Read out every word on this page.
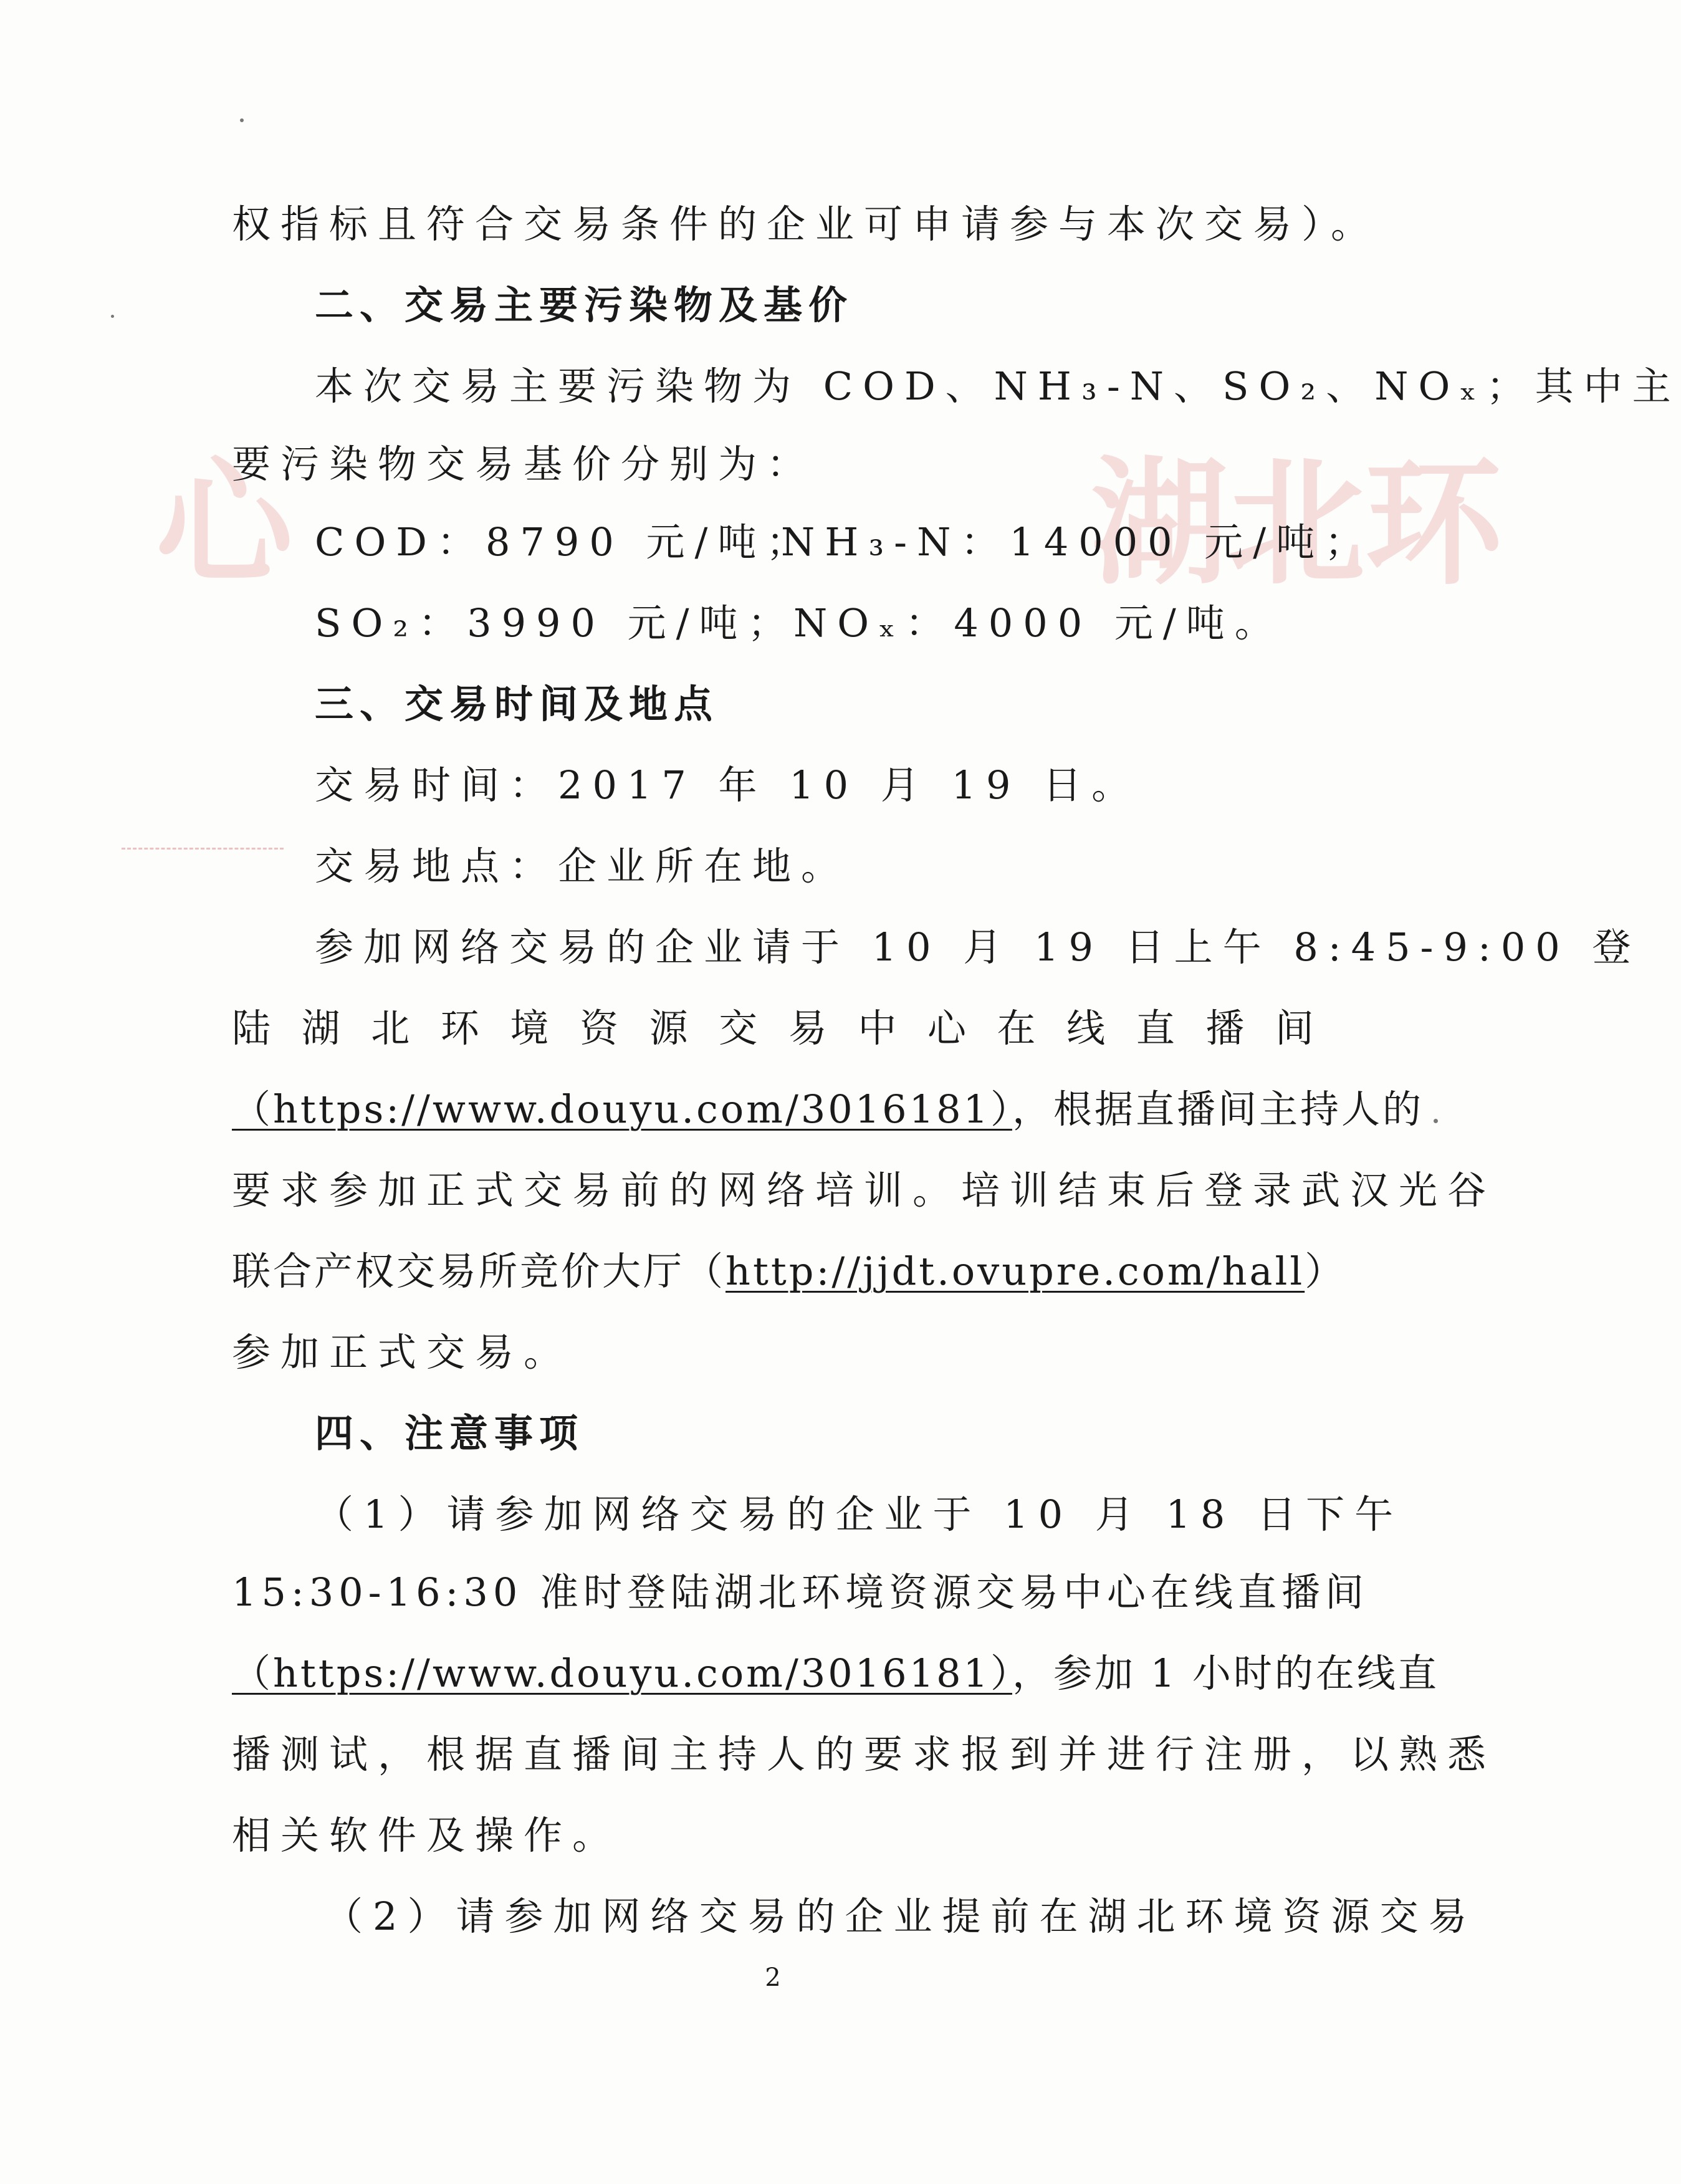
心	湖 北 环
权指标且符合交易条件的企业可申请参与本次交易）。
二、交易主要污染物及基价
本次交易主要污染物为 COD、NH₃-N、SO₂、NOₓ；其中主
要污染物交易基价分别为：
COD：8790 元/吨；
NH₃-N：14000 元/吨；
SO₂：3990 元/吨；
NOₓ：4000 元/吨。
三、交易时间及地点
交易时间：2017 年 10 月 19 日。
交易地点：企业所在地。
参加网络交易的企业请于 10 月 19 日上午 8:45-9:00 登
陆 湖 北 环 境 资 源 交 易 中 心 在 线 直 播 间
（https://www.douyu.com/3016181），根据直播间主持人的
要求参加正式交易前的网络培训。培训结束后登录武汉光谷
联合产权交易所竞价大厅（http://jjdt.ovupre.com/hall）
参加正式交易。
四、注意事项
（1）请参加网络交易的企业于 10 月 18 日下午
15:30-16:30 准时登陆湖北环境资源交易中心在线直播间
（https://www.douyu.com/3016181），参加 1 小时的在线直
播测试，根据直播间主持人的要求报到并进行注册，以熟悉
相关软件及操作。
（2）请参加网络交易的企业提前在湖北环境资源交易
2
